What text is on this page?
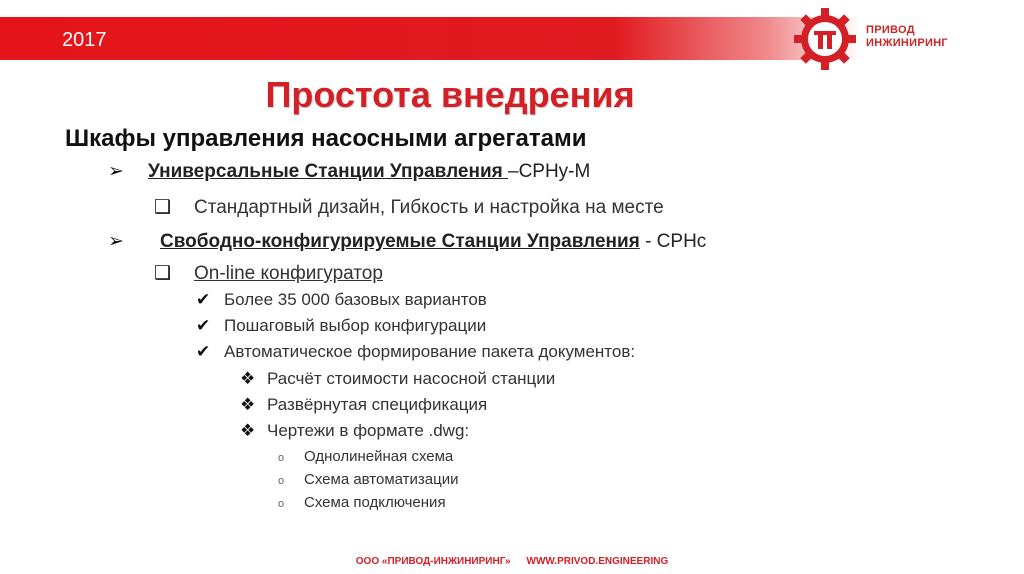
2017	ПРИВОД
ИНЖИНИРИНГ
Простота внедрения
Шкафы управления насосными агрегатами
➢ Универсальные Станции Управления –СРНу-М
❑ Стандартный дизайн, Гибкость и настройка на месте
➢ Свободно-конфигурируемые Станции Управления - СРНс
❑ On-line конфигуратор
✔ Более 35 000 базовых вариантов
✔ Пошаговый выбор конфигурации
✔ Автоматическое формирование пакета документов:
❖ Расчёт стоимости насосной станции
❖ Развёрнутая спецификация
❖ Чертежи в формате .dwg:
o Однолинейная схема
o Схема автоматизации
o Схема подключения
ООО «ПРИВОД-ИНЖИНИРИНГ» WWW.PRIVOD.ENGINEERING
